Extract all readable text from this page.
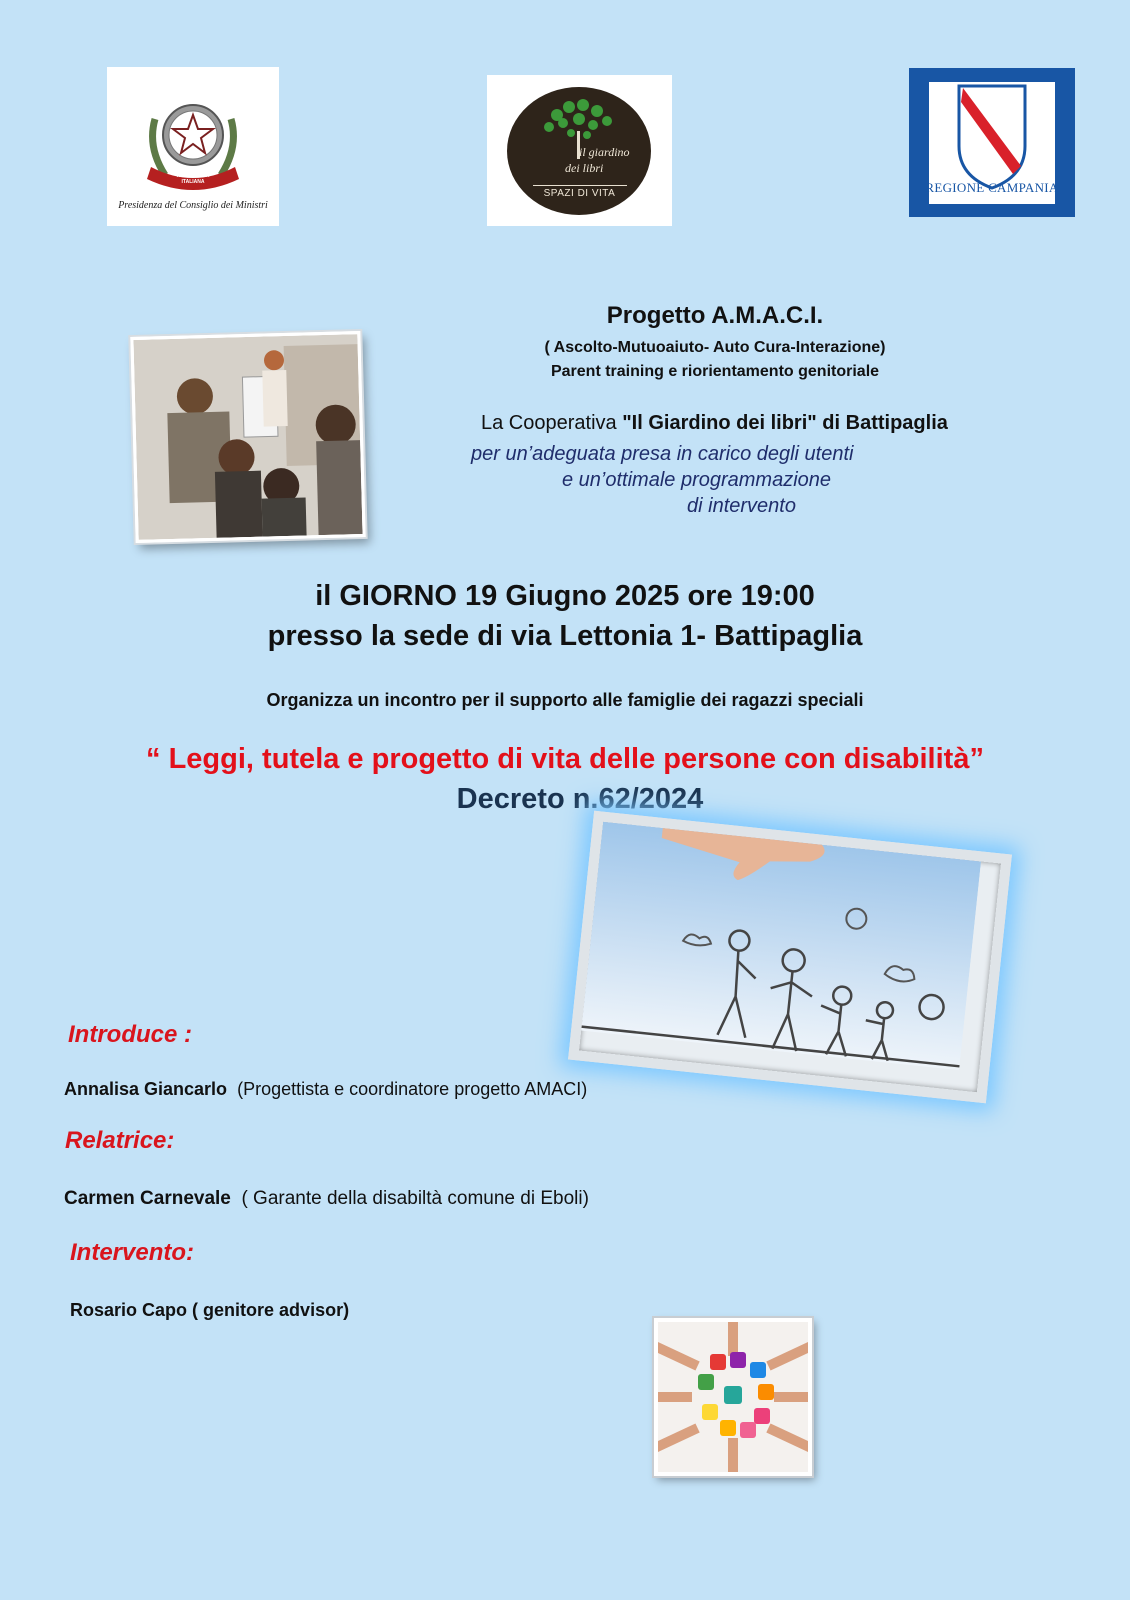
REPUBBLICA ITALIANA
Presidenza del Consiglio dei Ministri
il giardino
dei libri
SPAZI DI VITA	REGIONE CAMPANIA
Progetto A.M.A.C.I.
( Ascolto-Mutuoaiuto- Auto Cura-Interazione)
Parent training e riorientamento genitoriale
La Cooperativa "Il Giardino dei libri" di Battipaglia
per un’adeguata presa in carico degli utenti
e un’ottimale programmazione
di intervento
il GIORNO 19 Giugno 2025 ore 19:00
presso la sede di via Lettonia 1- Battipaglia
Organizza un incontro per il supporto alle famiglie dei ragazzi speciali
“ Leggi, tutela e progetto di vita delle persone con disabilità”
Decreto n.62/2024
Introduce :
Annalisa Giancarlo (Progettista e coordinatore progetto AMACI)
Relatrice:
Carmen Carnevale ( Garante della disabiltà comune di Eboli)
Intervento:
Rosario Capo ( genitore advisor)
